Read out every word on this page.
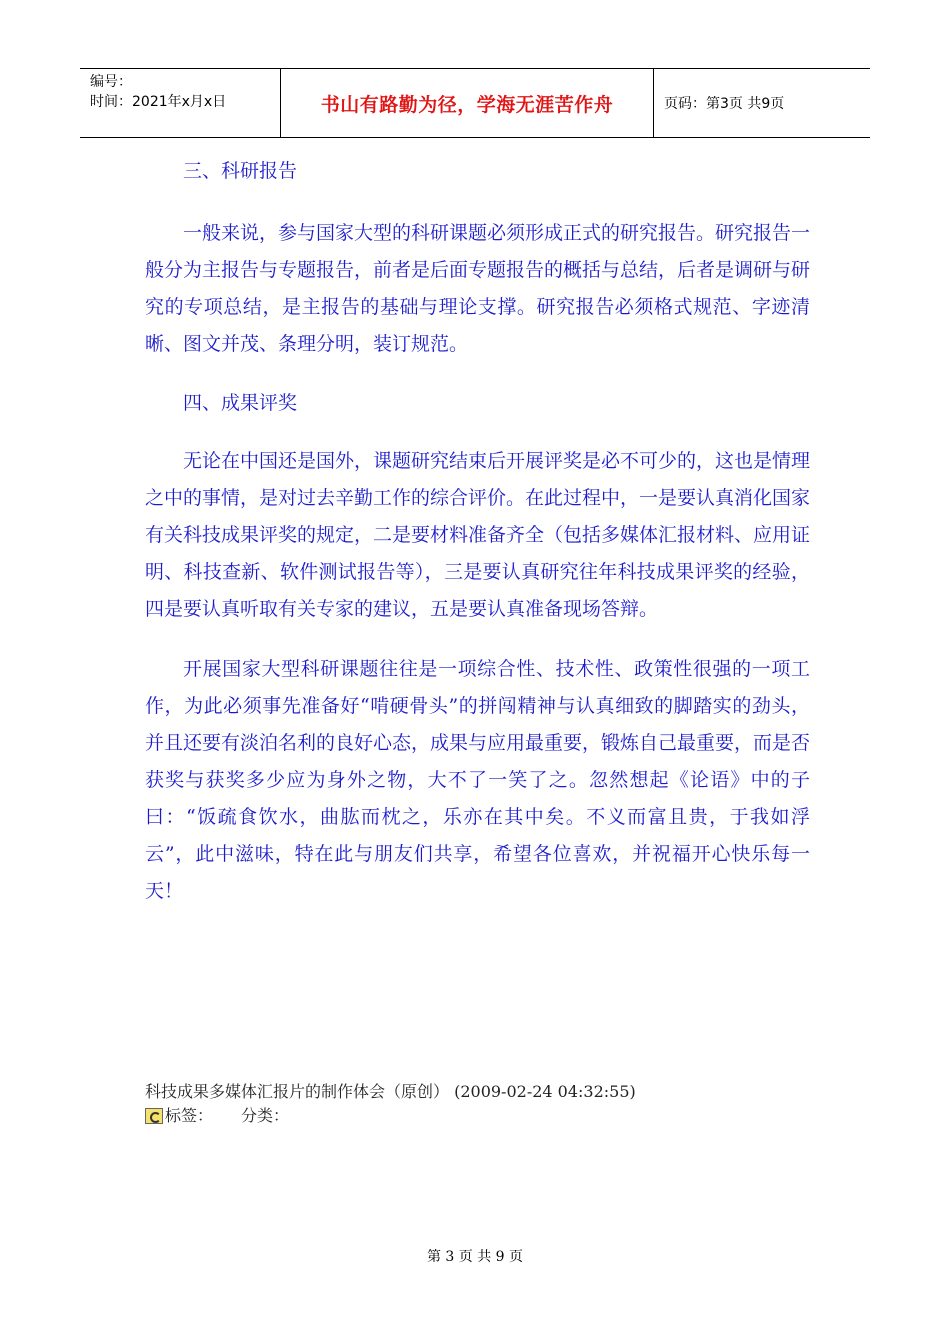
编号：
时间：2021年x月x日	书山有路勤为径，学海无涯苦作舟	页码：第3页 共9页

三、科研报告

一般来说，参与国家大型的科研课题必须形成正式的研究报告。研究报告一般分为主报告与专题报告，前者是后面专题报告的概括与总结，后者是调研与研究的专项总结，是主报告的基础与理论支撑。研究报告必须格式规范、字迹清晰、图文并茂、条理分明，装订规范。

四、成果评奖

无论在中国还是国外，课题研究结束后开展评奖是必不可少的，这也是情理之中的事情，是对过去辛勤工作的综合评价。在此过程中，一是要认真消化国家有关科技成果评奖的规定，二是要材料准备齐全（包括多媒体汇报材料、应用证明、科技查新、软件测试报告等），三是要认真研究往年科技成果评奖的经验，四是要认真听取有关专家的建议，五是要认真准备现场答辩。

开展国家大型科研课题往往是一项综合性、技术性、政策性很强的一项工作，为此必须事先准备好“啃硬骨头”的拼闯精神与认真细致的脚踏实的劲头，并且还要有淡泊名利的良好心态，成果与应用最重要，锻炼自己最重要，而是否获奖与获奖多少应为身外之物，大不了一笑了之。忽然想起《论语》中的子曰：“饭疏食饮水，曲肱而枕之，乐亦在其中矣。不义而富且贵，于我如浮云”，此中滋味，特在此与朋友们共享，希望各位喜欢，并祝福开心快乐每一天！

科技成果多媒体汇报片的制作体会（原创） (2009-02-24 04:32:55)
标签： 分类：
第 3 页 共 9 页
